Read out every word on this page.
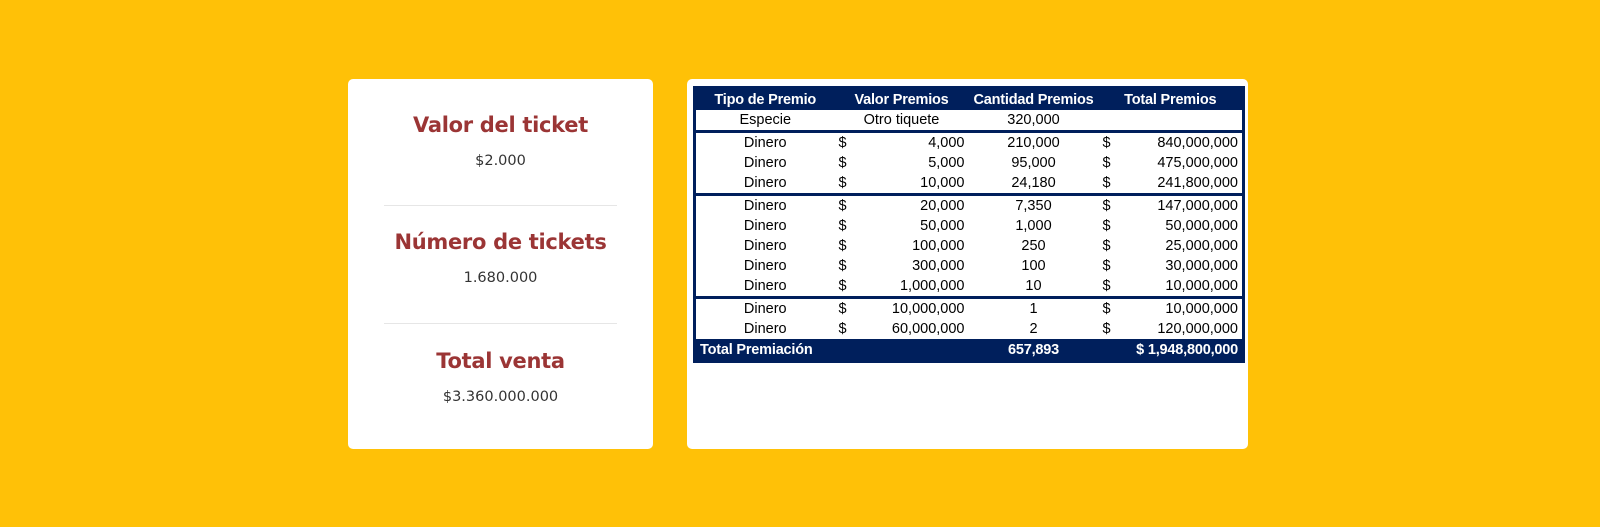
Valor del ticket
$2.000
Número de tickets
1.680.000
Total venta
$3.360.000.000
Tipo de Premio	Valor Premios		Cantidad Premios	Total Premios	
Especie	Otro tiquete		320,000		
Dinero	$	4,000	210,000	$	840,000,000
Dinero	$	5,000	95,000	$	475,000,000
Dinero	$	10,000	24,180	$	241,800,000
Dinero	$	20,000	7,350	$	147,000,000
Dinero	$	50,000	1,000	$	50,000,000
Dinero	$	100,000	250	$	25,000,000
Dinero	$	300,000	100	$	30,000,000
Dinero	$	1,000,000	10	$	10,000,000
Dinero	$	10,000,000	1	$	10,000,000
Dinero	$	60,000,000	2	$	120,000,000
Total Premiación			657,893	$ 1,948,800,000	
